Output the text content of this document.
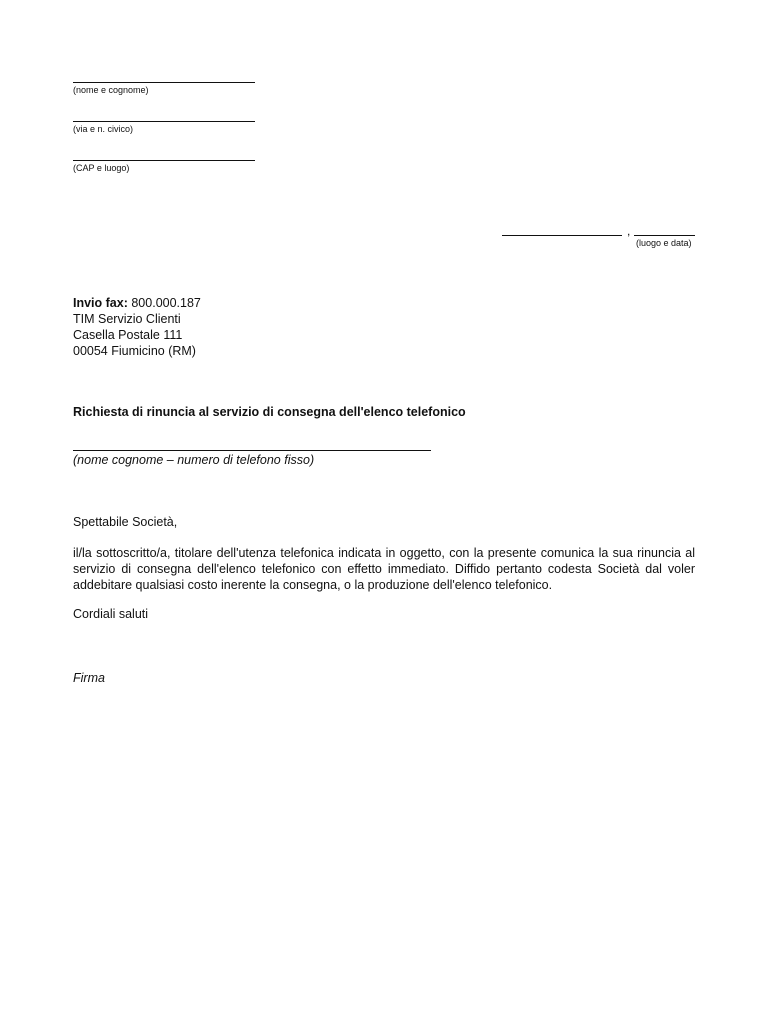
(nome e cognome)
(via e n. civico)
(CAP e luogo)
,
(luogo e data)
Invio fax: 800.000.187
TIM Servizio Clienti
Casella Postale 111
00054 Fiumicino (RM)
Richiesta di rinuncia al servizio di consegna dell'elenco telefonico
(nome cognome – numero di telefono fisso)
Spettabile Società,
il/la sottoscritto/a, titolare dell'utenza telefonica indicata in oggetto, con la presente comunica la sua rinuncia al servizio di consegna dell'elenco telefonico con effetto immediato. Diffido pertanto codesta Società dal voler addebitare qualsiasi costo inerente la consegna, o la produzione dell'elenco telefonico.
Cordiali saluti
Firma
